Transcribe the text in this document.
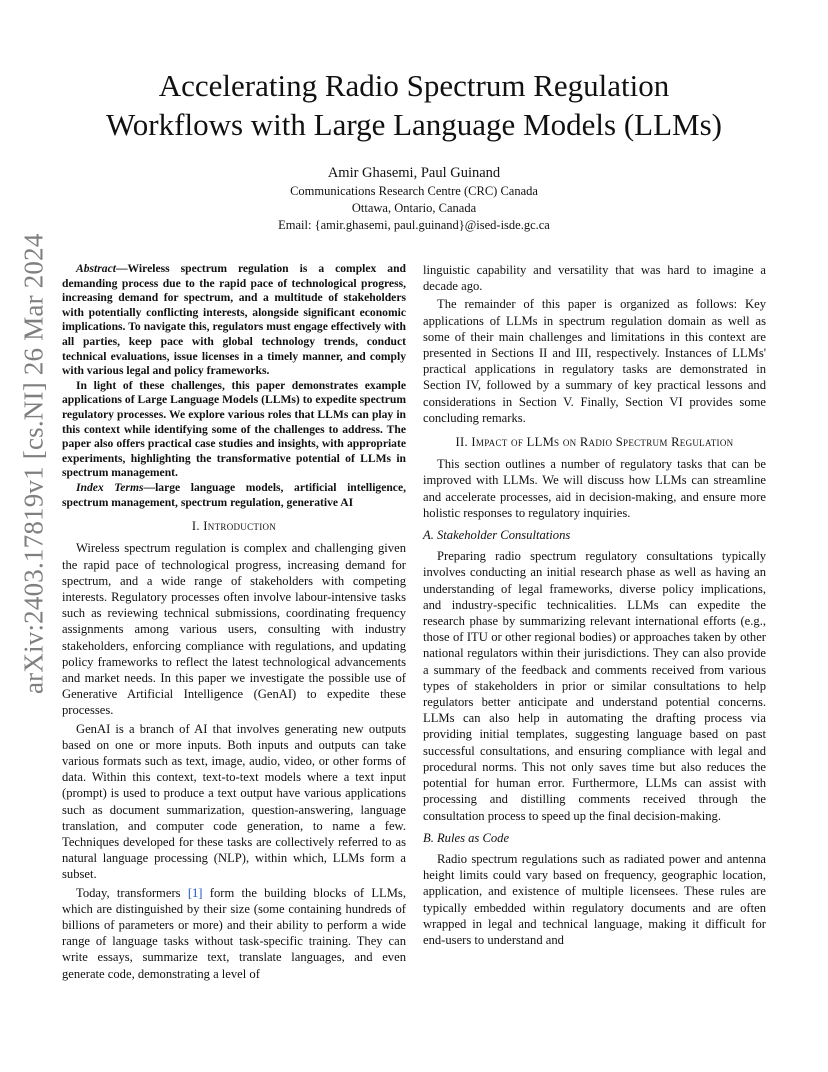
arXiv:2403.17819v1 [cs.NI] 26 Mar 2024
Accelerating Radio Spectrum Regulation
Workflows with Large Language Models (LLMs)
Amir Ghasemi, Paul Guinand
Communications Research Centre (CRC) Canada
Ottawa, Ontario, Canada
Email: {amir.ghasemi, paul.guinand}@ised-isde.gc.ca

Abstract—Wireless spectrum regulation is a complex and demanding process due to the rapid pace of technological progress, increasing demand for spectrum, and a multitude of stakeholders with potentially conflicting interests, alongside significant economic implications. To navigate this, regulators must engage effectively with all parties, keep pace with global technology trends, conduct technical evaluations, issue licenses in a timely manner, and comply with various legal and policy frameworks.

In light of these challenges, this paper demonstrates example applications of Large Language Models (LLMs) to expedite spectrum regulatory processes. We explore various roles that LLMs can play in this context while identifying some of the challenges to address. The paper also offers practical case studies and insights, with appropriate experiments, highlighting the transformative potential of LLMs in spectrum management.

Index Terms—large language models, artificial intelligence, spectrum management, spectrum regulation, generative AI

I. Introduction

Wireless spectrum regulation is complex and challenging given the rapid pace of technological progress, increasing demand for spectrum, and a wide range of stakeholders with competing interests. Regulatory processes often involve labour-intensive tasks such as reviewing technical submissions, coordinating frequency assignments among various users, consulting with industry stakeholders, enforcing compliance with regulations, and updating policy frameworks to reflect the latest technological advancements and market needs. In this paper we investigate the possible use of Generative Artificial Intelligence (GenAI) to expedite these processes.

GenAI is a branch of AI that involves generating new outputs based on one or more inputs. Both inputs and outputs can take various formats such as text, image, audio, video, or other forms of data. Within this context, text-to-text models where a text input (prompt) is used to produce a text output have various applications such as document summarization, question-answering, language translation, and computer code generation, to name a few. Techniques developed for these tasks are collectively referred to as natural language processing (NLP), within which, LLMs form a subset.

Today, transformers [1] form the building blocks of LLMs, which are distinguished by their size (some containing hundreds of billions of parameters or more) and their ability to perform a wide range of language tasks without task-specific training. They can write essays, summarize text, translate languages, and even generate code, demonstrating a level of

linguistic capability and versatility that was hard to imagine a decade ago.

The remainder of this paper is organized as follows: Key applications of LLMs in spectrum regulation domain as well as some of their main challenges and limitations in this context are presented in Sections II and III, respectively. Instances of LLMs' practical applications in regulatory tasks are demonstrated in Section IV, followed by a summary of key practical lessons and considerations in Section V. Finally, Section VI provides some concluding remarks.

II. Impact of LLMs on Radio Spectrum Regulation

This section outlines a number of regulatory tasks that can be improved with LLMs. We will discuss how LLMs can streamline and accelerate processes, aid in decision-making, and ensure more holistic responses to regulatory inquiries.

A. Stakeholder Consultations

Preparing radio spectrum regulatory consultations typically involves conducting an initial research phase as well as having an understanding of legal frameworks, diverse policy implications, and industry-specific technicalities. LLMs can expedite the research phase by summarizing relevant international efforts (e.g., those of ITU or other regional bodies) or approaches taken by other national regulators within their jurisdictions. They can also provide a summary of the feedback and comments received from various types of stakeholders in prior or similar consultations to help regulators better anticipate and understand potential concerns. LLMs can also help in automating the drafting process via providing initial templates, suggesting language based on past successful consultations, and ensuring compliance with legal and procedural norms. This not only saves time but also reduces the potential for human error. Furthermore, LLMs can assist with processing and distilling comments received through the consultation process to speed up the final decision-making.

B. Rules as Code

Radio spectrum regulations such as radiated power and antenna height limits could vary based on frequency, geographic location, application, and existence of multiple licensees. These rules are typically embedded within regulatory documents and are often wrapped in legal and technical language, making it difficult for end-users to understand and
